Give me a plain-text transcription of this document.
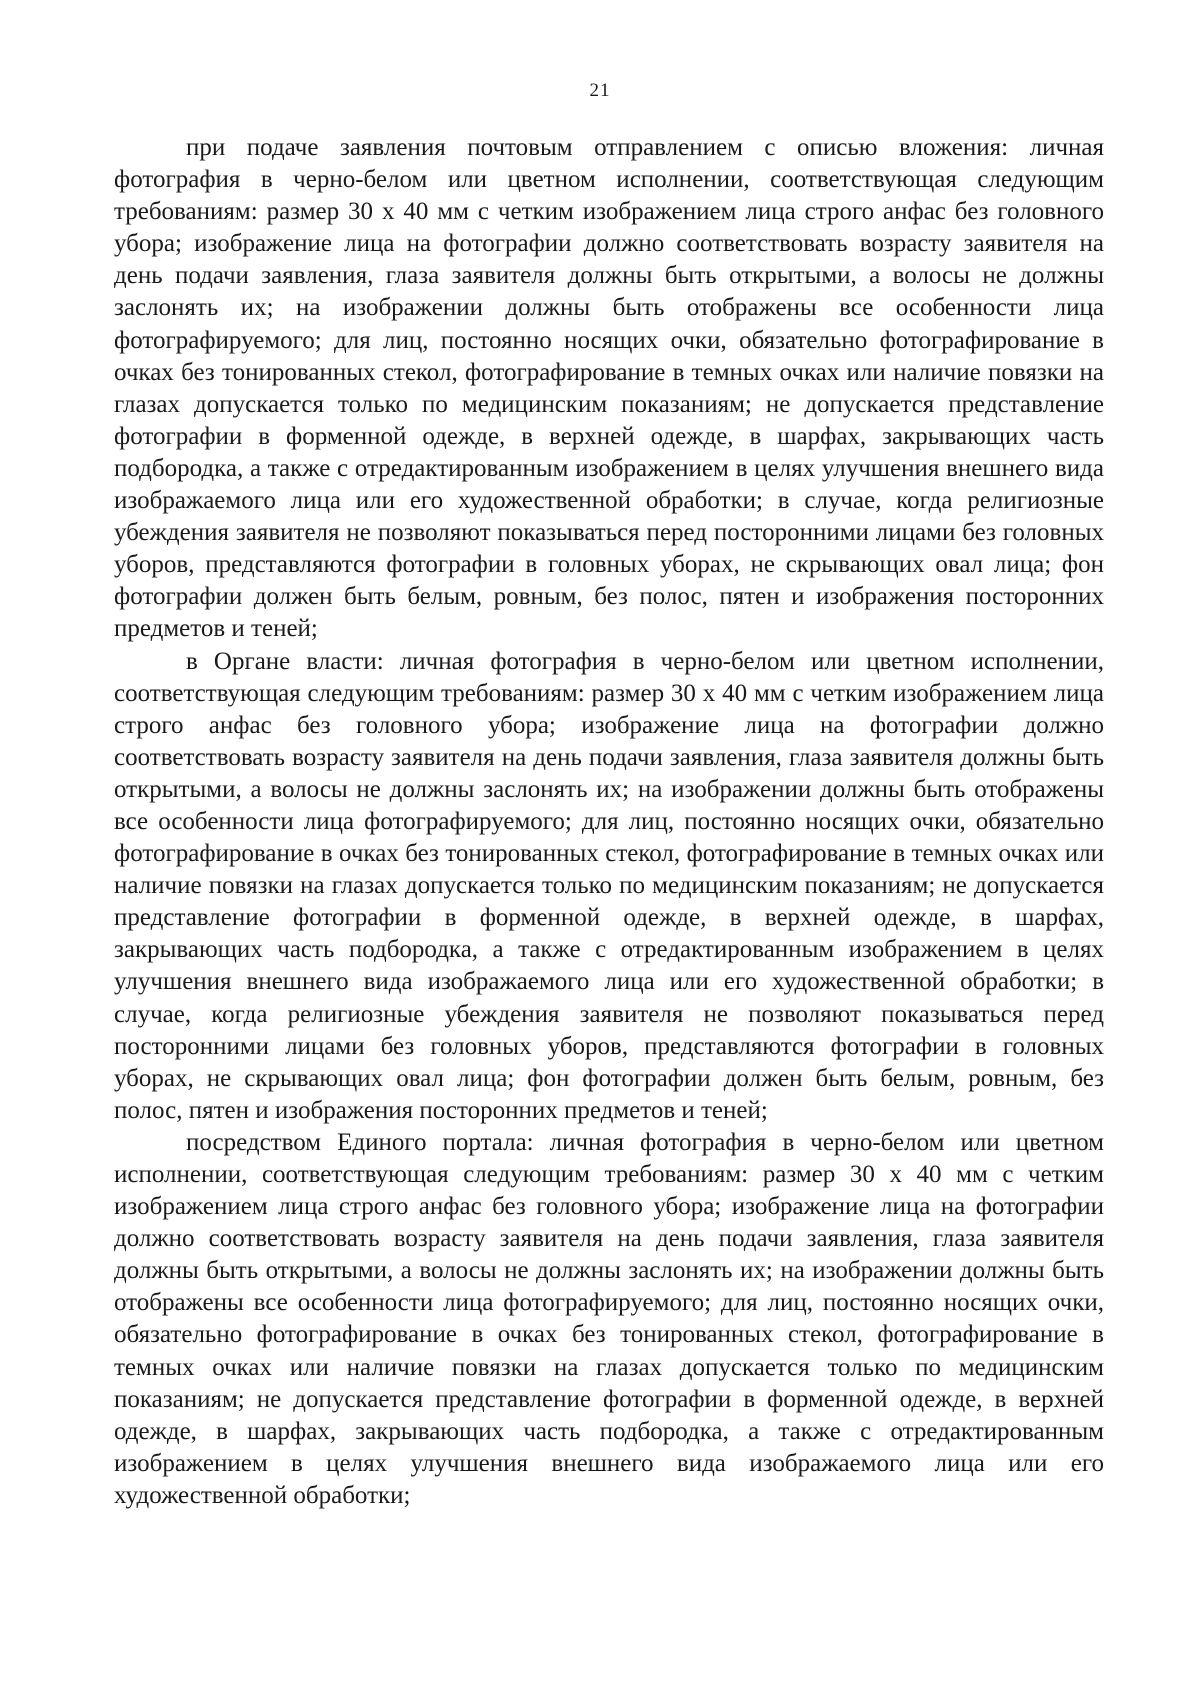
21

при подаче заявления почтовым отправлением с описью вложения: личная фотография в черно-белом или цветном исполнении, соответствующая следующим требованиям: размер 30 х 40 мм с четким изображением лица строго анфас без головного убора; изображение лица на фотографии должно соответствовать возрасту заявителя на день подачи заявления, глаза заявителя должны быть открытыми, а волосы не должны заслонять их; на изображении должны быть отображены все особенности лица фотографируемого; для лиц, постоянно носящих очки, обязательно фотографирование в очках без тонированных стекол, фотографирование в темных очках или наличие повязки на глазах допускается только по медицинским показаниям; не допускается представление фотографии в форменной одежде, в верхней одежде, в шарфах, закрывающих часть подбородка, а также с отредактированным изображением в целях улучшения внешнего вида изображаемого лица или его художественной обработки; в случае, когда религиозные убеждения заявителя не позволяют показываться перед посторонними лицами без головных уборов, представляются фотографии в головных уборах, не скрывающих овал лица; фон фотографии должен быть белым, ровным, без полос, пятен и изображения посторонних предметов и теней;

в Органе власти: личная фотография в черно-белом или цветном исполнении, соответствующая следующим требованиям: размер 30 х 40 мм с четким изображением лица строго анфас без головного убора; изображение лица на фотографии должно соответствовать возрасту заявителя на день подачи заявления, глаза заявителя должны быть открытыми, а волосы не должны заслонять их; на изображении должны быть отображены все особенности лица фотографируемого; для лиц, постоянно носящих очки, обязательно фотографирование в очках без тонированных стекол, фотографирование в темных очках или наличие повязки на глазах допускается только по медицинским показаниям; не допускается представление фотографии в форменной одежде, в верхней одежде, в шарфах, закрывающих часть подбородка, а также с отредактированным изображением в целях улучшения внешнего вида изображаемого лица или его художественной обработки; в случае, когда религиозные убеждения заявителя не позволяют показываться перед посторонними лицами без головных уборов, представляются фотографии в головных уборах, не скрывающих овал лица; фон фотографии должен быть белым, ровным, без полос, пятен и изображения посторонних предметов и теней;

посредством Единого портала: личная фотография в черно-белом или цветном исполнении, соответствующая следующим требованиям: размер 30 х 40 мм с четким изображением лица строго анфас без головного убора; изображение лица на фотографии должно соответствовать возрасту заявителя на день подачи заявления, глаза заявителя должны быть открытыми, а волосы не должны заслонять их; на изображении должны быть отображены все особенности лица фотографируемого; для лиц, постоянно носящих очки, обязательно фотографирование в очках без тонированных стекол, фотографирование в темных очках или наличие повязки на глазах допускается только по медицинским показаниям; не допускается представление фотографии в форменной одежде, в верхней одежде, в шарфах, закрывающих часть подбородка, а также с отредактированным изображением в целях улучшения внешнего вида изображаемого лица или его художественной обработки;
